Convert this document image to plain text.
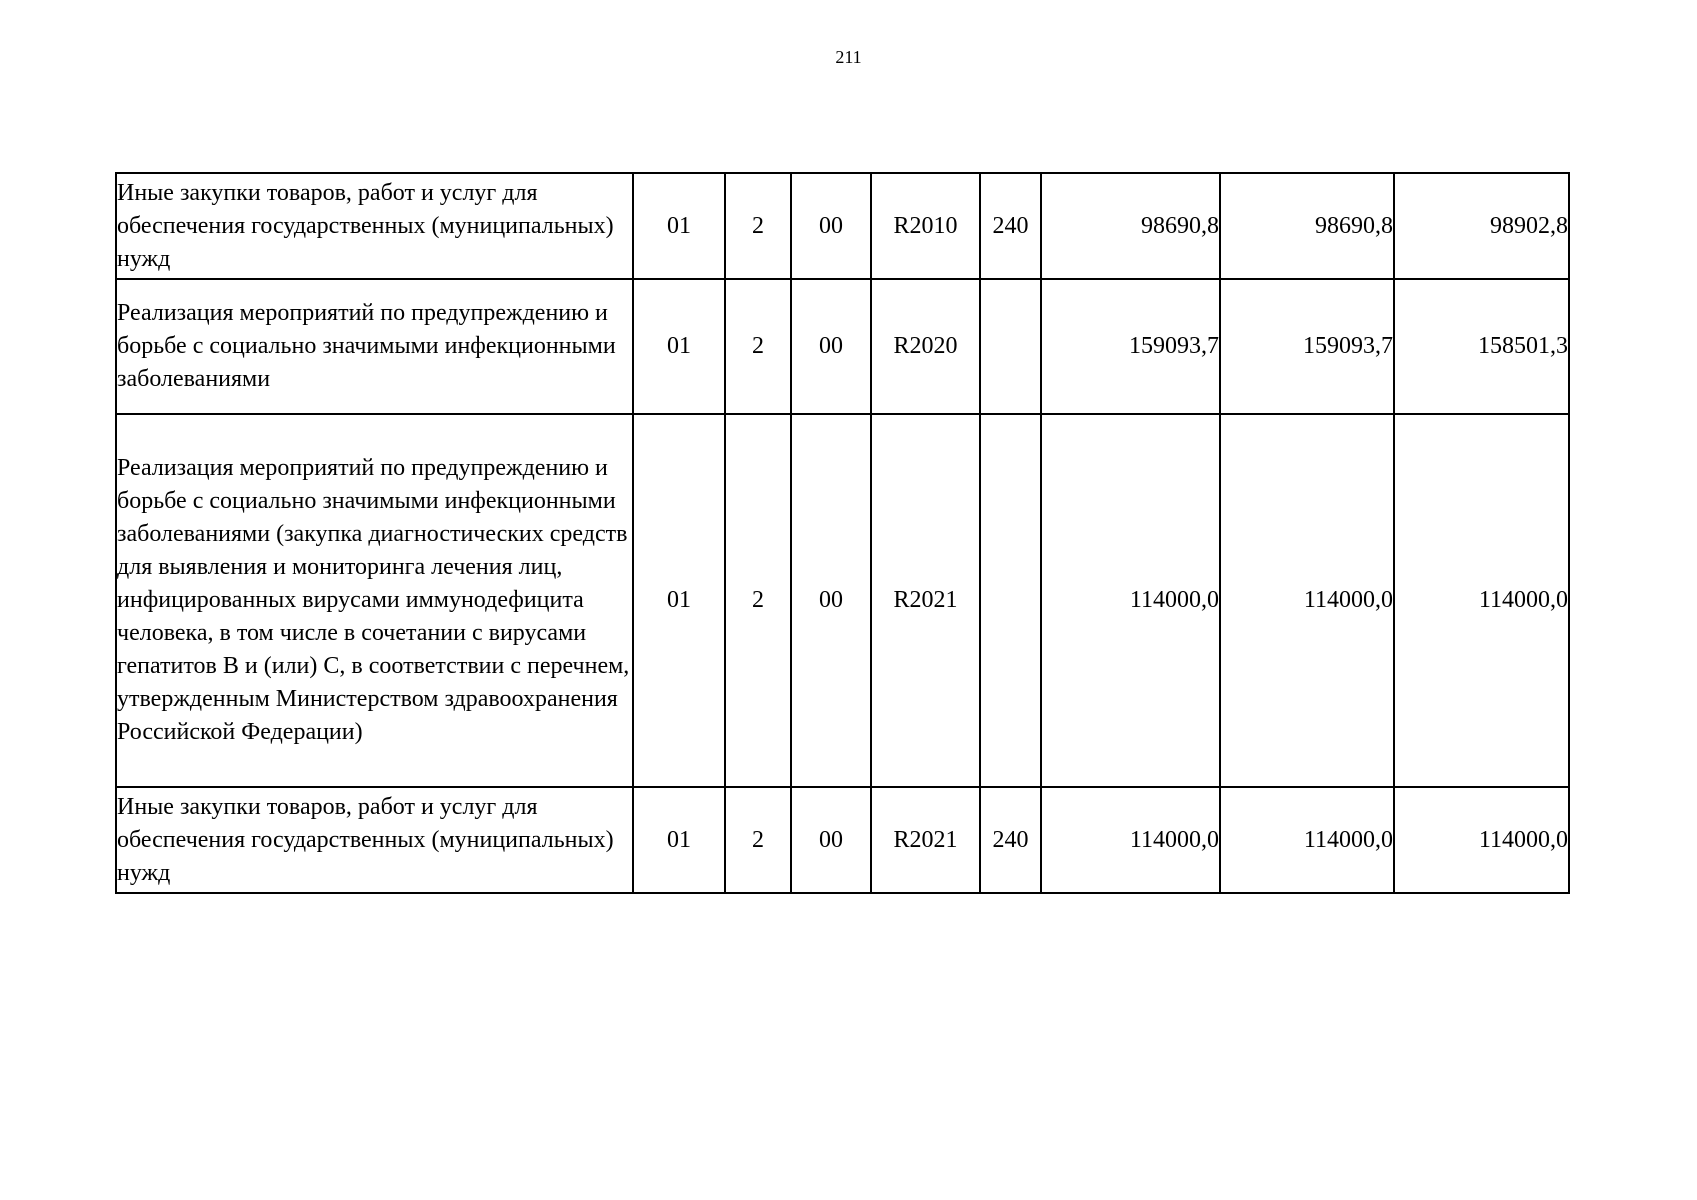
211
Иные закупки товаров, работ и услуг для обеспечения государственных (муниципальных) нужд	01	2	00	R2010	240	98690,8	98690,8	98902,8
Реализация мероприятий по предупреждению и борьбе с социально значимыми инфекционными заболеваниями	01	2	00	R2020		159093,7	159093,7	158501,3
Реализация мероприятий по предупреждению и борьбе с социально значимыми инфекционными заболеваниями (закупка диагностических средств для выявления и мониторинга лечения лиц, инфицированных вирусами иммунодефицита человека, в том числе в сочетании с вирусами гепатитов B и (или) C, в соответствии с перечнем, утвержденным Министерством здравоохранения Российской Федерации)	01	2	00	R2021		114000,0	114000,0	114000,0
Иные закупки товаров, работ и услуг для обеспечения государственных (муниципальных) нужд	01	2	00	R2021	240	114000,0	114000,0	114000,0
